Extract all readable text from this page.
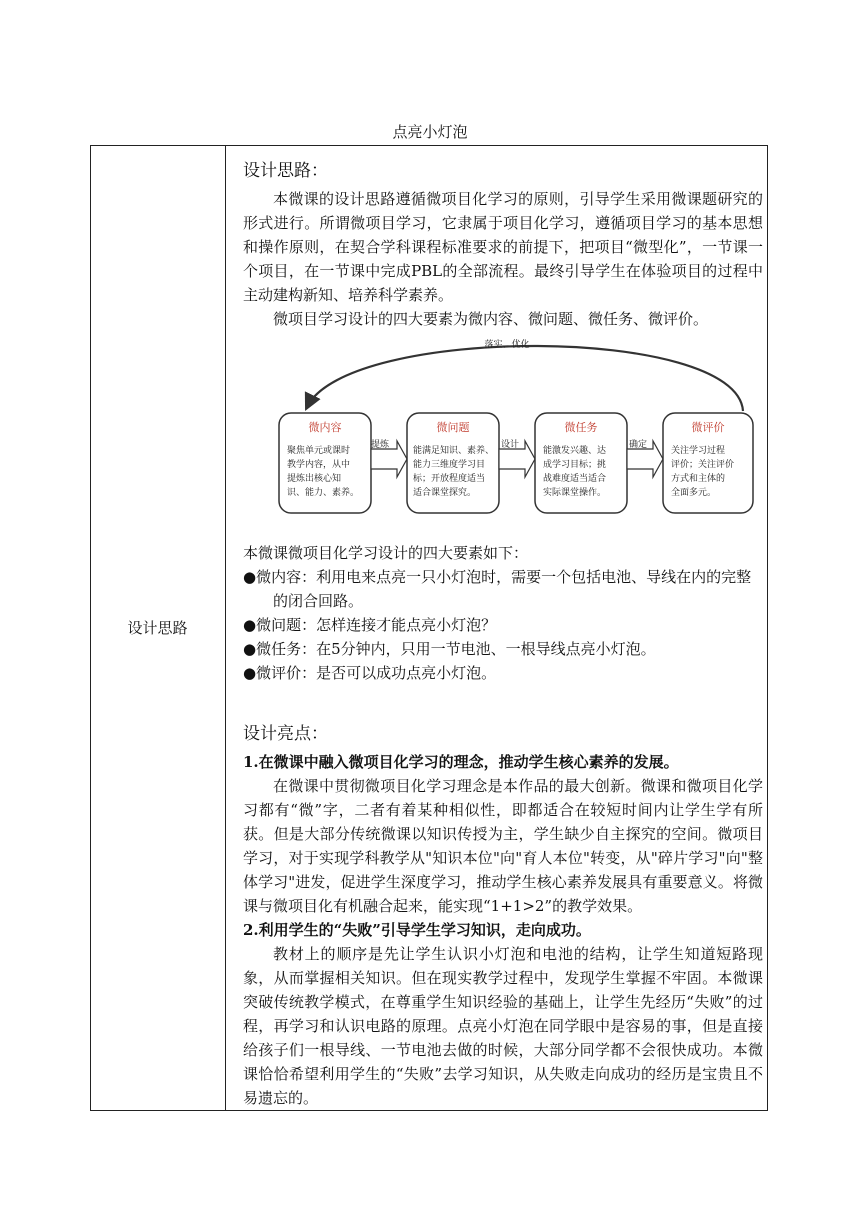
点亮小灯泡
设计思路
设计思路：

本微课的设计思路遵循微项目化学习的原则，引导学生采用微课题研究的形式进行。所谓微项目学习，它隶属于项目化学习，遵循项目学习的基本思想和操作原则，在契合学科课程标准要求的前提下，把项目“微型化”，一节课一个项目，在一节课中完成PBL的全部流程。最终引导学生在体验项目的过程中主动建构新知、培养科学素养。

微项目学习设计的四大要素为微内容、微问题、微任务、微评价。

落实、优化
微内容
聚焦单元或课时
教学内容，从中
提炼出核心知
识、能力、素养。
提炼
微问题
能满足知识、素养、
能力三维度学习目
标；开放程度适当
适合课堂探究。
设计
微任务
能激发兴趣、达
成学习目标；挑
战难度适当适合
实际课堂操作。
确定
微评价
关注学习过程
评价；关注评价
方式和主体的
全面多元。

本微课微项目化学习设计的四大要素如下：

●微内容：利用电来点亮一只小灯泡时，需要一个包括电池、导线在内的完整的闭合回路。

●微问题：怎样连接才能点亮小灯泡？

●微任务：在5分钟内，只用一节电池、一根导线点亮小灯泡。

●微评价：是否可以成功点亮小灯泡。

设计亮点：

1.在微课中融入微项目化学习的理念，推动学生核心素养的发展。

在微课中贯彻微项目化学习理念是本作品的最大创新。微课和微项目化学习都有“微”字，二者有着某种相似性，即都适合在较短时间内让学生学有所获。但是大部分传统微课以知识传授为主，学生缺少自主探究的空间。微项目学习，对于实现学科教学从"知识本位"向"育人本位"转变，从"碎片学习"向"整体学习"进发，促进学生深度学习，推动学生核心素养发展具有重要意义。将微课与微项目化有机融合起来，能实现“1+1>2”的教学效果。

2.利用学生的“失败”引导学生学习知识，走向成功。

教材上的顺序是先让学生认识小灯泡和电池的结构，让学生知道短路现象，从而掌握相关知识。但在现实教学过程中，发现学生掌握不牢固。本微课突破传统教学模式，在尊重学生知识经验的基础上，让学生先经历“失败”的过程，再学习和认识电路的原理。点亮小灯泡在同学眼中是容易的事，但是直接给孩子们一根导线、一节电池去做的时候，大部分同学都不会很快成功。本微课恰恰希望利用学生的“失败”去学习知识，从失败走向成功的经历是宝贵且不易遗忘的。
